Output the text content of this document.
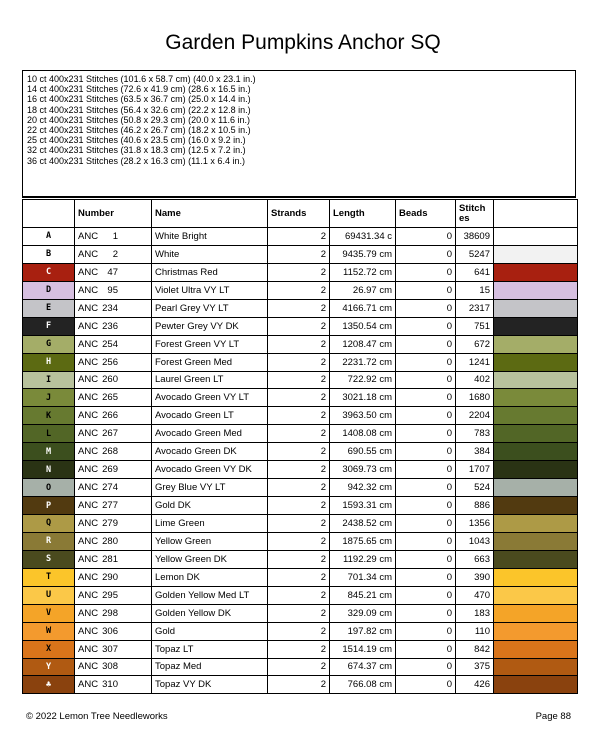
Garden Pumpkins Anchor SQ
10 ct 400x231 Stitches (101.6 x 58.7 cm) (40.0 x 23.1 in.)
14 ct 400x231 Stitches (72.6 x 41.9 cm) (28.6 x 16.5 in.)
16 ct 400x231 Stitches (63.5 x 36.7 cm) (25.0 x 14.4 in.)
18 ct 400x231 Stitches (56.4 x 32.6 cm) (22.2 x 12.8 in.)
20 ct 400x231 Stitches (50.8 x 29.3 cm) (20.0 x 11.6 in.)
22 ct 400x231 Stitches (46.2 x 26.7 cm) (18.2 x 10.5 in.)
25 ct 400x231 Stitches (40.6 x 23.5 cm) (16.0 x 9.2 in.)
32 ct 400x231 Stitches (31.8 x 18.3 cm) (12.5 x 7.2 in.)
36 ct 400x231 Stitches (28.2 x 16.3 cm) (11.1 x 6.4 in.)
	Number	Name	Strands	Length	Beads	Stitch es	
A	ANC 1	White Bright	2	69431.34 c	0	38609	
B	ANC 2	White	2	9435.79 cm	0	5247	
C	ANC 47	Christmas Red	2	1152.72 cm	0	641	
D	ANC 95	Violet Ultra VY LT	2	26.97 cm	0	15	
E	ANC 234	Pearl Grey VY LT	2	4166.71 cm	0	2317	
F	ANC 236	Pewter Grey VY DK	2	1350.54 cm	0	751	
G	ANC 254	Forest Green VY LT	2	1208.47 cm	0	672	
H	ANC 256	Forest Green Med	2	2231.72 cm	0	1241	
I	ANC 260	Laurel Green LT	2	722.92 cm	0	402	
J	ANC 265	Avocado Green VY LT	2	3021.18 cm	0	1680	
K	ANC 266	Avocado Green LT	2	3963.50 cm	0	2204	
L	ANC 267	Avocado Green Med	2	1408.08 cm	0	783	
M	ANC 268	Avocado Green DK	2	690.55 cm	0	384	
N	ANC 269	Avocado Green VY DK	2	3069.73 cm	0	1707	
O	ANC 274	Grey Blue VY LT	2	942.32 cm	0	524	
P	ANC 277	Gold DK	2	1593.31 cm	0	886	
Q	ANC 279	Lime Green	2	2438.52 cm	0	1356	
R	ANC 280	Yellow Green	2	1875.65 cm	0	1043	
S	ANC 281	Yellow Green DK	2	1192.29 cm	0	663	
T	ANC 290	Lemon DK	2	701.34 cm	0	390	
U	ANC 295	Golden Yellow Med LT	2	845.21 cm	0	470	
V	ANC 298	Golden Yellow DK	2	329.09 cm	0	183	
W	ANC 306	Gold	2	197.82 cm	0	110	
X	ANC 307	Topaz LT	2	1514.19 cm	0	842	
Y	ANC 308	Topaz Med	2	674.37 cm	0	375	
♣	ANC 310	Topaz VY DK	2	766.08 cm	0	426	
© 2022 Lemon Tree Needleworks	Page 88
